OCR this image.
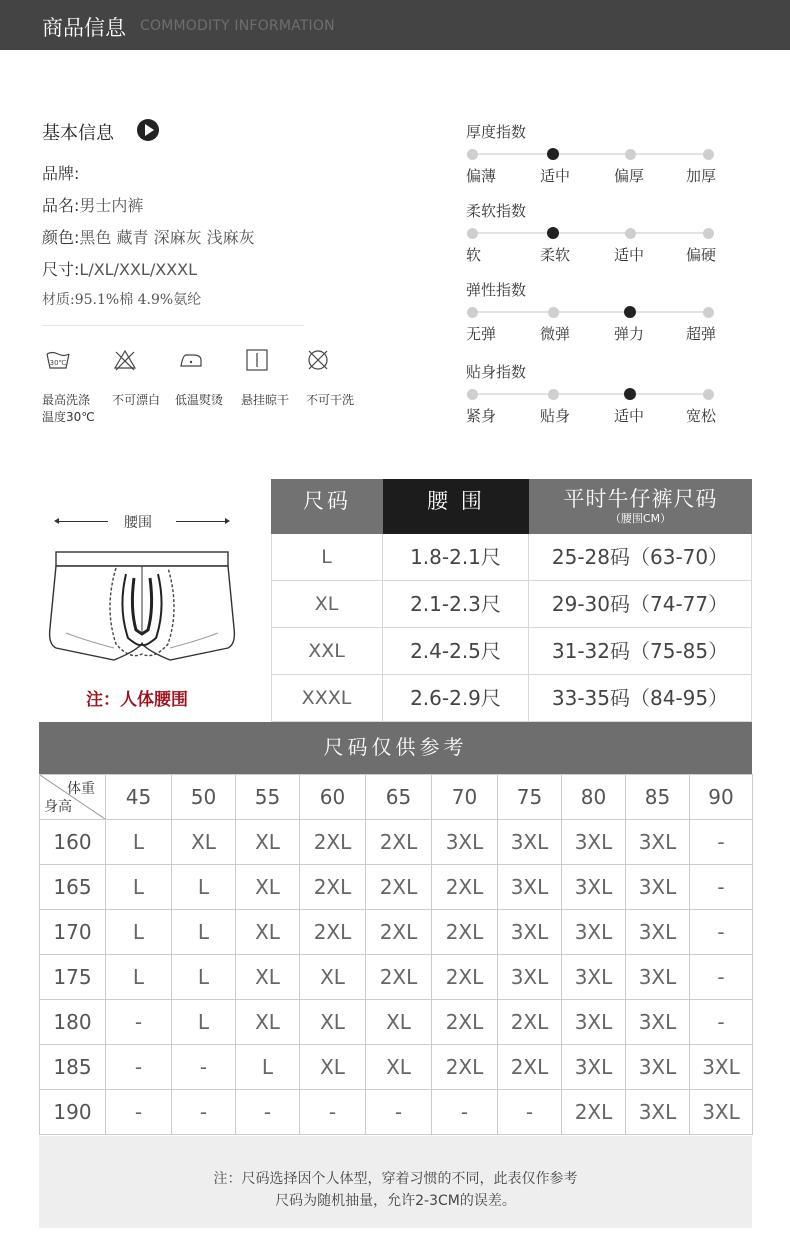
商品信息 COMMODITY INFORMATION
基本信息
品牌:
品名:男士内裤
颜色:黑色 藏青 深麻灰 浅麻灰
尺寸:L/XL/XXL/XXXL
材质:95.1%棉 4.9%氨纶
30℃
最高洗涤
温度30℃
不可漂白 低温熨烫 悬挂晾干 不可干洗
厚度指数
偏薄	适中	偏厚	加厚
柔软指数
软	柔软	适中	偏硬
弹性指数
无弹	微弹	弹力	超弹
贴身指数
紧身	贴身	适中	宽松
腰围
注：人体腰围
尺码	腰 围	平时牛仔裤尺码
（腰围CM）
L	1.8-2.1尺	25-28码（63-70）
XL	2.1-2.3尺	29-30码（74-77）
XXL	2.4-2.5尺	31-32码（75-85）
XXXL	2.6-2.9尺	33-35码（84-95）
尺码仅供参考
体重
身高	45	50	55	60	65	70	75	80	85	90
160	L	XL	XL	2XL	2XL	3XL	3XL	3XL	3XL	-
165	L	L	XL	2XL	2XL	2XL	3XL	3XL	3XL	-
170	L	L	XL	2XL	2XL	2XL	3XL	3XL	3XL	-
175	L	L	XL	XL	2XL	2XL	3XL	3XL	3XL	-
180	-	L	XL	XL	XL	2XL	2XL	3XL	3XL	-
185	-	-	L	XL	XL	2XL	2XL	3XL	3XL	3XL
190	-	-	-	-	-	-	-	2XL	3XL	3XL
注：尺码选择因个人体型，穿着习惯的不同，此表仅作参考
尺码为随机抽量，允许2-3CM的误差。
